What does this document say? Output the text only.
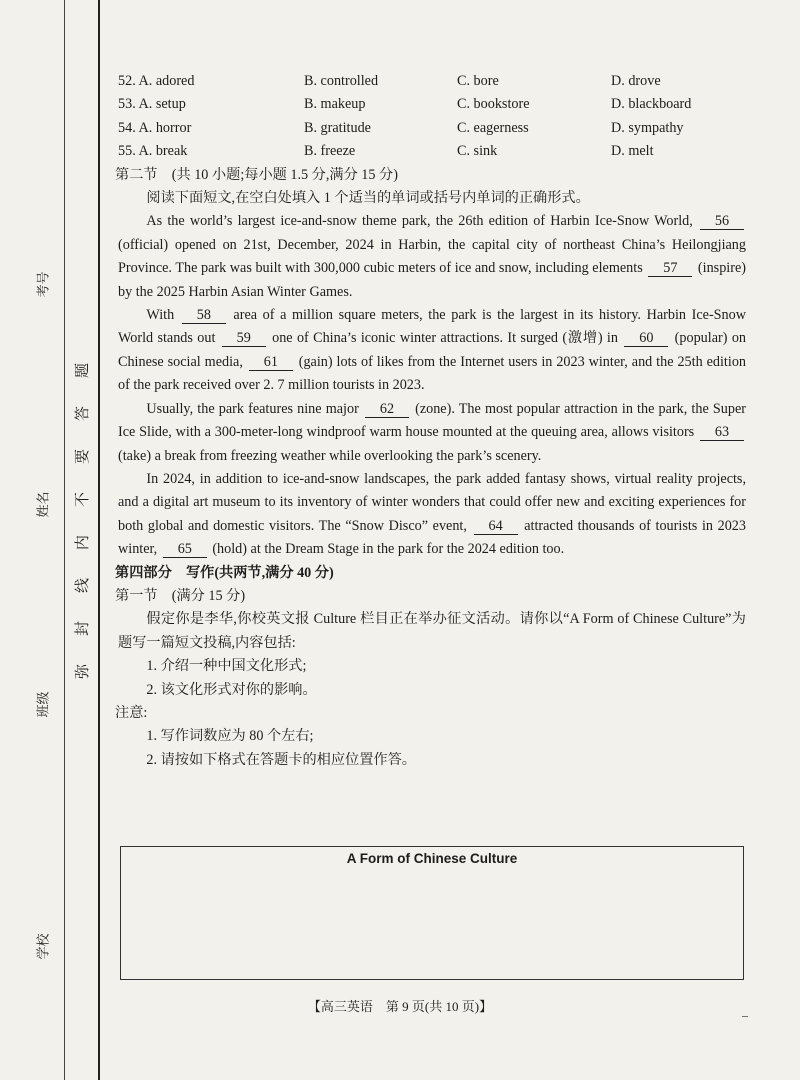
考号
姓名
班级
学校
题
答
要
不
内
线
封
弥
52. A. adored	B. controlled	C. bore	D. drove
53. A. setup	B. makeup	C. bookstore	D. blackboard
54. A. horror	B. gratitude	C. eagerness	D. sympathy
55. A. break	B. freeze	C. sink	D. melt
第二节　(共 10 小题;每小题 1.5 分,满分 15 分)
阅读下面短文,在空白处填入 1 个适当的单词或括号内单词的正确形式。
As the world’s largest ice-and-snow theme park, the 26th edition of Harbin Ice-Snow World, 56 (official) opened on 21st, December, 2024 in Harbin, the capital city of northeast China’s Heilongjiang Province. The park was built with 300,000 cubic meters of ice and snow, including elements 57 (inspire) by the 2025 Harbin Asian Winter Games.
With 58 area of a million square meters, the park is the largest in its history. Harbin Ice-Snow World stands out 59 one of China’s iconic winter attractions. It surged (激增) in 60 (popular) on Chinese social media, 61 (gain) lots of likes from the Internet users in 2023 winter, and the 25th edition of the park received over 2. 7 million tourists in 2023.
Usually, the park features nine major 62 (zone). The most popular attraction in the park, the Super Ice Slide, with a 300-meter-long windproof warm house mounted at the queuing area, allows visitors 63 (take) a break from freezing weather while overlooking the park’s scenery.
In 2024, in addition to ice-and-snow landscapes, the park added fantasy shows, virtual reality projects, and a digital art museum to its inventory of winter wonders that could offer new and exciting experiences for both global and domestic visitors. The “Snow Disco” event, 64 attracted thousands of tourists in 2023 winter, 65 (hold) at the Dream Stage in the park for the 2024 edition too.
第四部分　写作(共两节,满分 40 分)
第一节　(满分 15 分)
假定你是李华,你校英文报 Culture 栏目正在举办征文活动。请你以“A Form of Chinese Culture”为题写一篇短文投稿,内容包括:
1. 介绍一种中国文化形式;
2. 该文化形式对你的影响。
注意:
1. 写作词数应为 80 个左右;
2. 请按如下格式在答题卡的相应位置作答。
A Form of Chinese Culture
【高三英语　第 9 页(共 10 页)】
–
